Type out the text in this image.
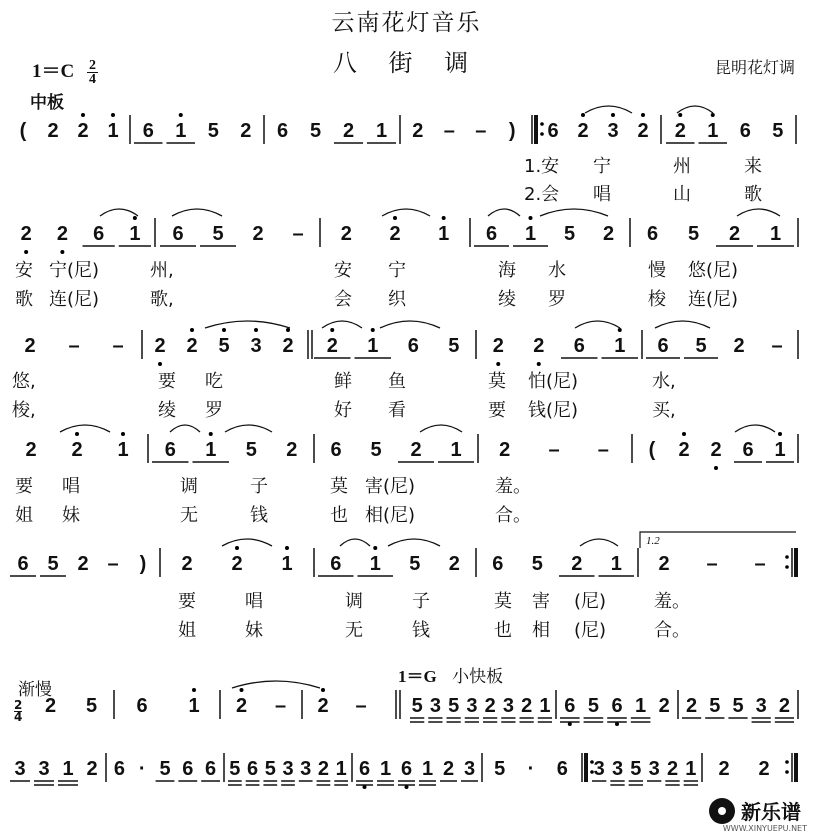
云南花灯音乐
八 街 调
$1=C \frac{2}{4}$	昆明花灯调
中板
渐慢
1＝G 小快板
2
4
( 2 2 1 6 1 5 2 6 5 2 1 2 – – ) 6 2 3 2 2 1 6 5
1.安 宁	州	来
2.会 唱	山	歌
2 2 6 1 6 5 2 – 2 2 1 6 1 5 2 6 5 2 1
安 宁(尼)	州,	安 宁	海 水	慢 悠(尼)
歌 连(尼)	歌,	会 织	绫 罗	梭 连(尼)
2 – – 2 2 5 3 2 2 1 6 5 2 2 6 1 6 5 2 –
悠,	要 吃	鲜 鱼	莫 怕(尼)	水,
梭,	绫 罗	好 看	要 钱(尼)	买,
2 2 1 6 1 5 2 6 5 2 1 2 – – ( 2 2 6 1
要 唱	调	子	莫 害(尼)	羞。
姐 妹	无	钱	也 相(尼)	合。
6 5 2 – ) 2 2 1 6 1 5 2 6 5 2 1 2 – –
要	唱	调	子	莫 害 (尼)	羞。
姐	妹	无	钱	也 相 (尼)	合。
2 5 6 1 2 – 2 – 5 3 5 3 2 3 2 1 6 5 6 1 2 2 5 5 3 2
3 3 1 2 6 · 5 6 6 5 6 5 3 3 2 1 6 1 6 1 2 3 5 · 6 3 3 5 3 2 1 2 2
1.2
新乐谱
WWW.XINYUEPU.NET
